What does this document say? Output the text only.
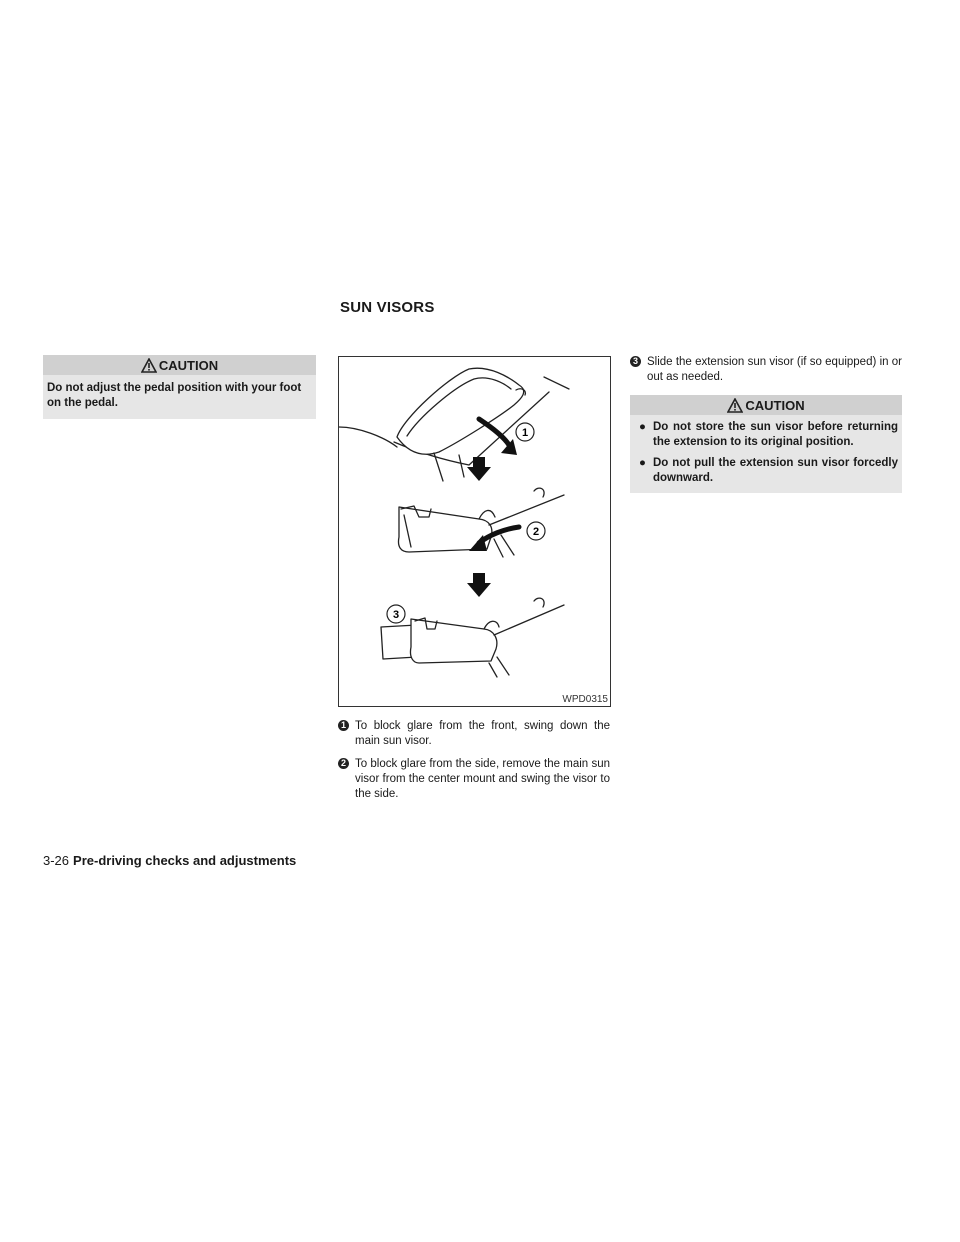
SUN VISORS
CAUTION
Do not adjust the pedal position with your foot on the pedal.
1
2
3
WPD0315
1 To block glare from the front, swing down the main sun visor.
2 To block glare from the side, remove the main sun visor from the center mount and swing the visor to the side.
3 Slide the extension sun visor (if so equipped) in or out as needed.
CAUTION
● Do not store the sun visor before returning the extension to its original position.
● Do not pull the extension sun visor forcedly downward.
3-26 Pre-driving checks and adjustments
